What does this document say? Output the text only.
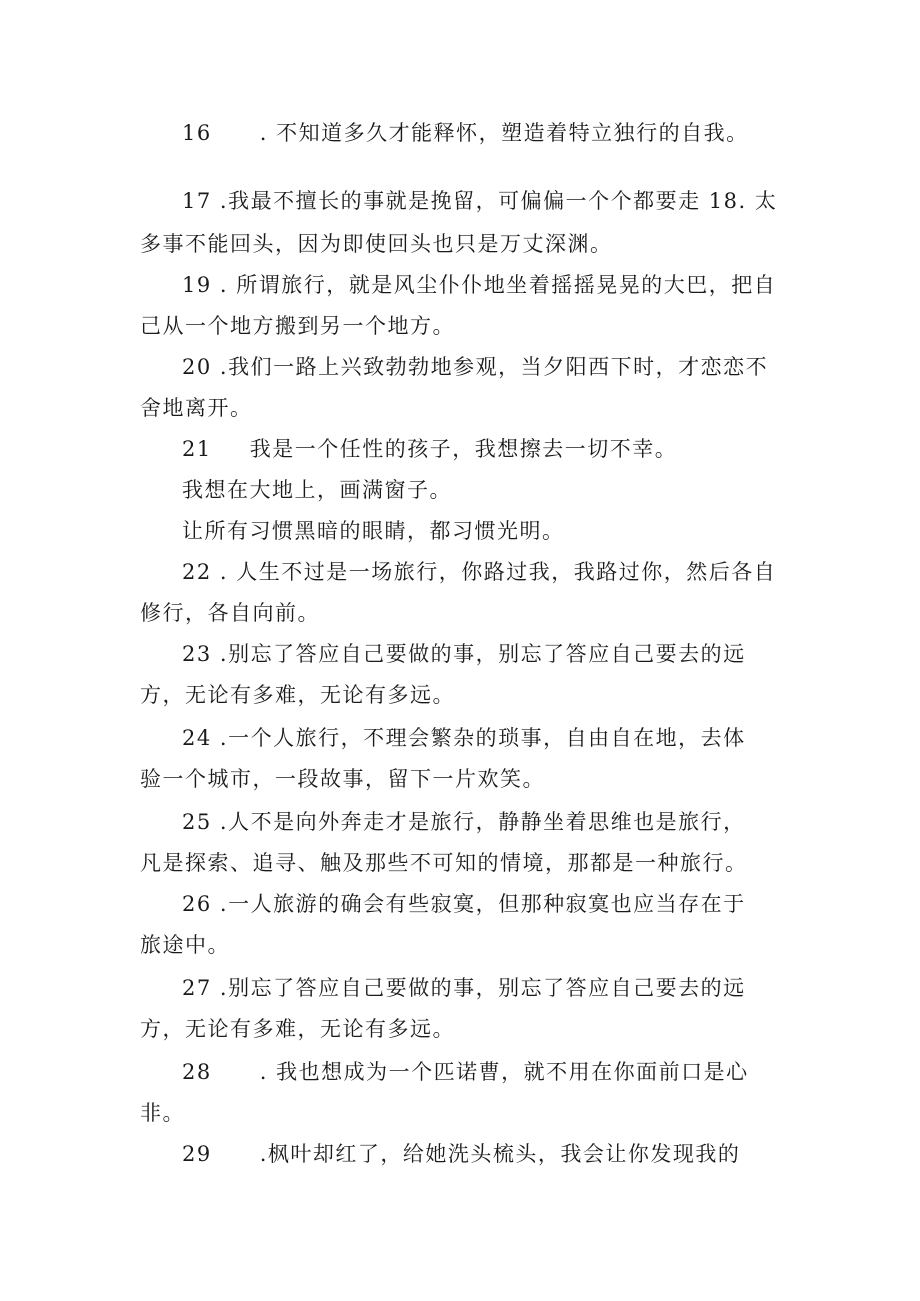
16 . 不知道多久才能释怀，塑造着特立独行的自我。
17 .我最不擅长的事就是挽留，可偏偏一个个都要走 18. 太
多事不能回头，因为即使回头也只是万丈深渊。
19 . 所谓旅行，就是风尘仆仆地坐着摇摇晃晃的大巴，把自
己从一个地方搬到另一个地方。
20 .我们一路上兴致勃勃地参观，当夕阳西下时，才恋恋不
舍地离开。
21 我是一个任性的孩子，我想擦去一切不幸。
我想在大地上，画满窗子。
让所有习惯黑暗的眼睛，都习惯光明。
22 . 人生不过是一场旅行，你路过我，我路过你，然后各自
修行，各自向前。
23 .别忘了答应自己要做的事，别忘了答应自己要去的远
方，无论有多难，无论有多远。
24 .一个人旅行，不理会繁杂的琐事，自由自在地，去体
验一个城市，一段故事，留下一片欢笑。
25 .人不是向外奔走才是旅行，静静坐着思维也是旅行，
凡是探索、追寻、触及那些不可知的情境，那都是一种旅行。
26 .一人旅游的确会有些寂寞，但那种寂寞也应当存在于
旅途中。
27 .别忘了答应自己要做的事，别忘了答应自己要去的远
方，无论有多难，无论有多远。
28 . 我也想成为一个匹诺曹，就不用在你面前口是心
非。
29 .枫叶却红了，给她洗头梳头，我会让你发现我的
